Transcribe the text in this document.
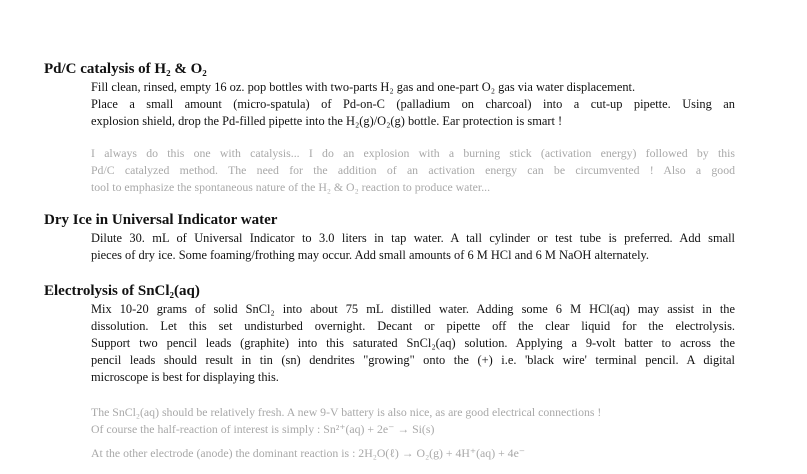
Pd/C catalysis of H₂ & O₂
Fill clean, rinsed, empty 16 oz. pop bottles with two-parts H₂ gas and one-part O₂ gas via water displacement.
Place a small amount (micro-spatula) of Pd-on-C (palladium on charcoal) into a cut-up pipette. Using an
explosion shield, drop the Pd-filled pipette into the H₂(g)/O₂(g) bottle. Ear protection is smart !
I always do this one with catalysis... I do an explosion with a burning stick (activation energy) followed by this
Pd/C catalyzed method. The need for the addition of an activation energy can be circumvented ! Also a good
tool to emphasize the spontaneous nature of the H₂ & O₂ reaction to produce water...
Dry Ice in Universal Indicator water
Dilute 30. mL of Universal Indicator to 3.0 liters in tap water. A tall cylinder or test tube is preferred. Add small
pieces of dry ice. Some foaming/frothing may occur. Add small amounts of 6 M HCl and 6 M NaOH alternately.
Electrolysis of SnCl₂(aq)
Mix 10-20 grams of solid SnCl₂ into about 75 mL distilled water. Adding some 6 M HCl(aq) may assist in the
dissolution. Let this set undisturbed overnight. Decant or pipette off the clear liquid for the electrolysis.
Support two pencil leads (graphite) into this saturated SnCl₂(aq) solution. Applying a 9-volt batter to across the
pencil leads should result in tin (sn) dendrites "growing" onto the (+) i.e. 'black wire' terminal pencil. A digital
microscope is best for displaying this.
The SnCl₂(aq) should be relatively fresh. A new 9-V battery is also nice, as are good electrical connections !
Of course the half-reaction of interest is simply : Sn²⁺(aq) + 2e⁻ → Si(s)
At the other electrode (anode) the dominant reaction is : 2H₂O(ℓ) → O₂(g) + 4H⁺(aq) + 4e⁻
